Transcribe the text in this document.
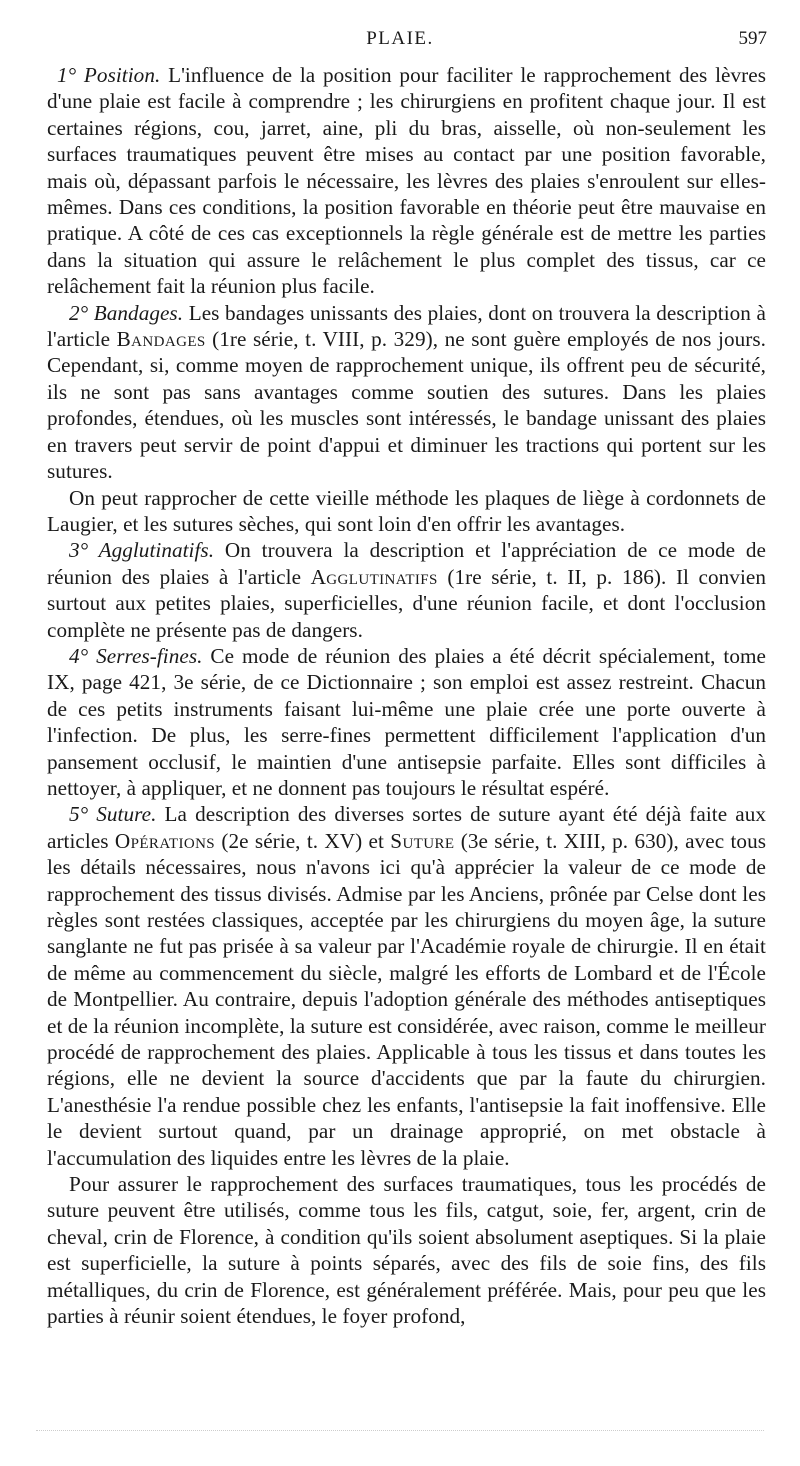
PLAIE.	597

1° Position. L'influence de la position pour faciliter le rapprochement des lèvres d'une plaie est facile à comprendre ; les chirurgiens en profitent chaque jour. Il est certaines régions, cou, jarret, aine, pli du bras, aisselle, où non-seulement les surfaces traumatiques peuvent être mises au contact par une position favorable, mais où, dépassant parfois le nécessaire, les lèvres des plaies s'enroulent sur elles-mêmes. Dans ces conditions, la position favorable en théorie peut être mauvaise en pratique. A côté de ces cas exceptionnels la règle générale est de mettre les parties dans la situation qui assure le relâchement le plus complet des tissus, car ce relâchement fait la réunion plus facile.

2° Bandages. Les bandages unissants des plaies, dont on trouvera la description à l'article Bandages (1re série, t. VIII, p. 329), ne sont guère employés de nos jours. Cependant, si, comme moyen de rapprochement unique, ils offrent peu de sécurité, ils ne sont pas sans avantages comme soutien des sutures. Dans les plaies profondes, étendues, où les muscles sont intéressés, le bandage unissant des plaies en travers peut servir de point d'appui et diminuer les tractions qui portent sur les sutures.

On peut rapprocher de cette vieille méthode les plaques de liège à cordonnets de Laugier, et les sutures sèches, qui sont loin d'en offrir les avantages.

3° Agglutinatifs. On trouvera la description et l'appréciation de ce mode de réunion des plaies à l'article Agglutinatifs (1re série, t. II, p. 186). Il convien surtout aux petites plaies, superficielles, d'une réunion facile, et dont l'occlusion complète ne présente pas de dangers.

4° Serres-fines. Ce mode de réunion des plaies a été décrit spécialement, tome IX, page 421, 3e série, de ce Dictionnaire ; son emploi est assez restreint. Chacun de ces petits instruments faisant lui-même une plaie crée une porte ouverte à l'infection. De plus, les serre-fines permettent difficilement l'application d'un pansement occlusif, le maintien d'une antisepsie parfaite. Elles sont difficiles à nettoyer, à appliquer, et ne donnent pas toujours le résultat espéré.

5° Suture. La description des diverses sortes de suture ayant été déjà faite aux articles Opérations (2e série, t. XV) et Suture (3e série, t. XIII, p. 630), avec tous les détails nécessaires, nous n'avons ici qu'à apprécier la valeur de ce mode de rapprochement des tissus divisés. Admise par les Anciens, prônée par Celse dont les règles sont restées classiques, acceptée par les chirurgiens du moyen âge, la suture sanglante ne fut pas prisée à sa valeur par l'Académie royale de chirurgie. Il en était de même au commencement du siècle, malgré les efforts de Lombard et de l'École de Montpellier. Au contraire, depuis l'adoption générale des méthodes antiseptiques et de la réunion incomplète, la suture est considérée, avec raison, comme le meilleur procédé de rapprochement des plaies. Applicable à tous les tissus et dans toutes les régions, elle ne devient la source d'accidents que par la faute du chirurgien. L'anesthésie l'a rendue possible chez les enfants, l'antisepsie la fait inoffensive. Elle le devient surtout quand, par un drainage approprié, on met obstacle à l'accumulation des liquides entre les lèvres de la plaie.

Pour assurer le rapprochement des surfaces traumatiques, tous les procédés de suture peuvent être utilisés, comme tous les fils, catgut, soie, fer, argent, crin de cheval, crin de Florence, à condition qu'ils soient absolument aseptiques. Si la plaie est superficielle, la suture à points séparés, avec des fils de soie fins, des fils métalliques, du crin de Florence, est généralement préférée. Mais, pour peu que les parties à réunir soient étendues, le foyer profond,
